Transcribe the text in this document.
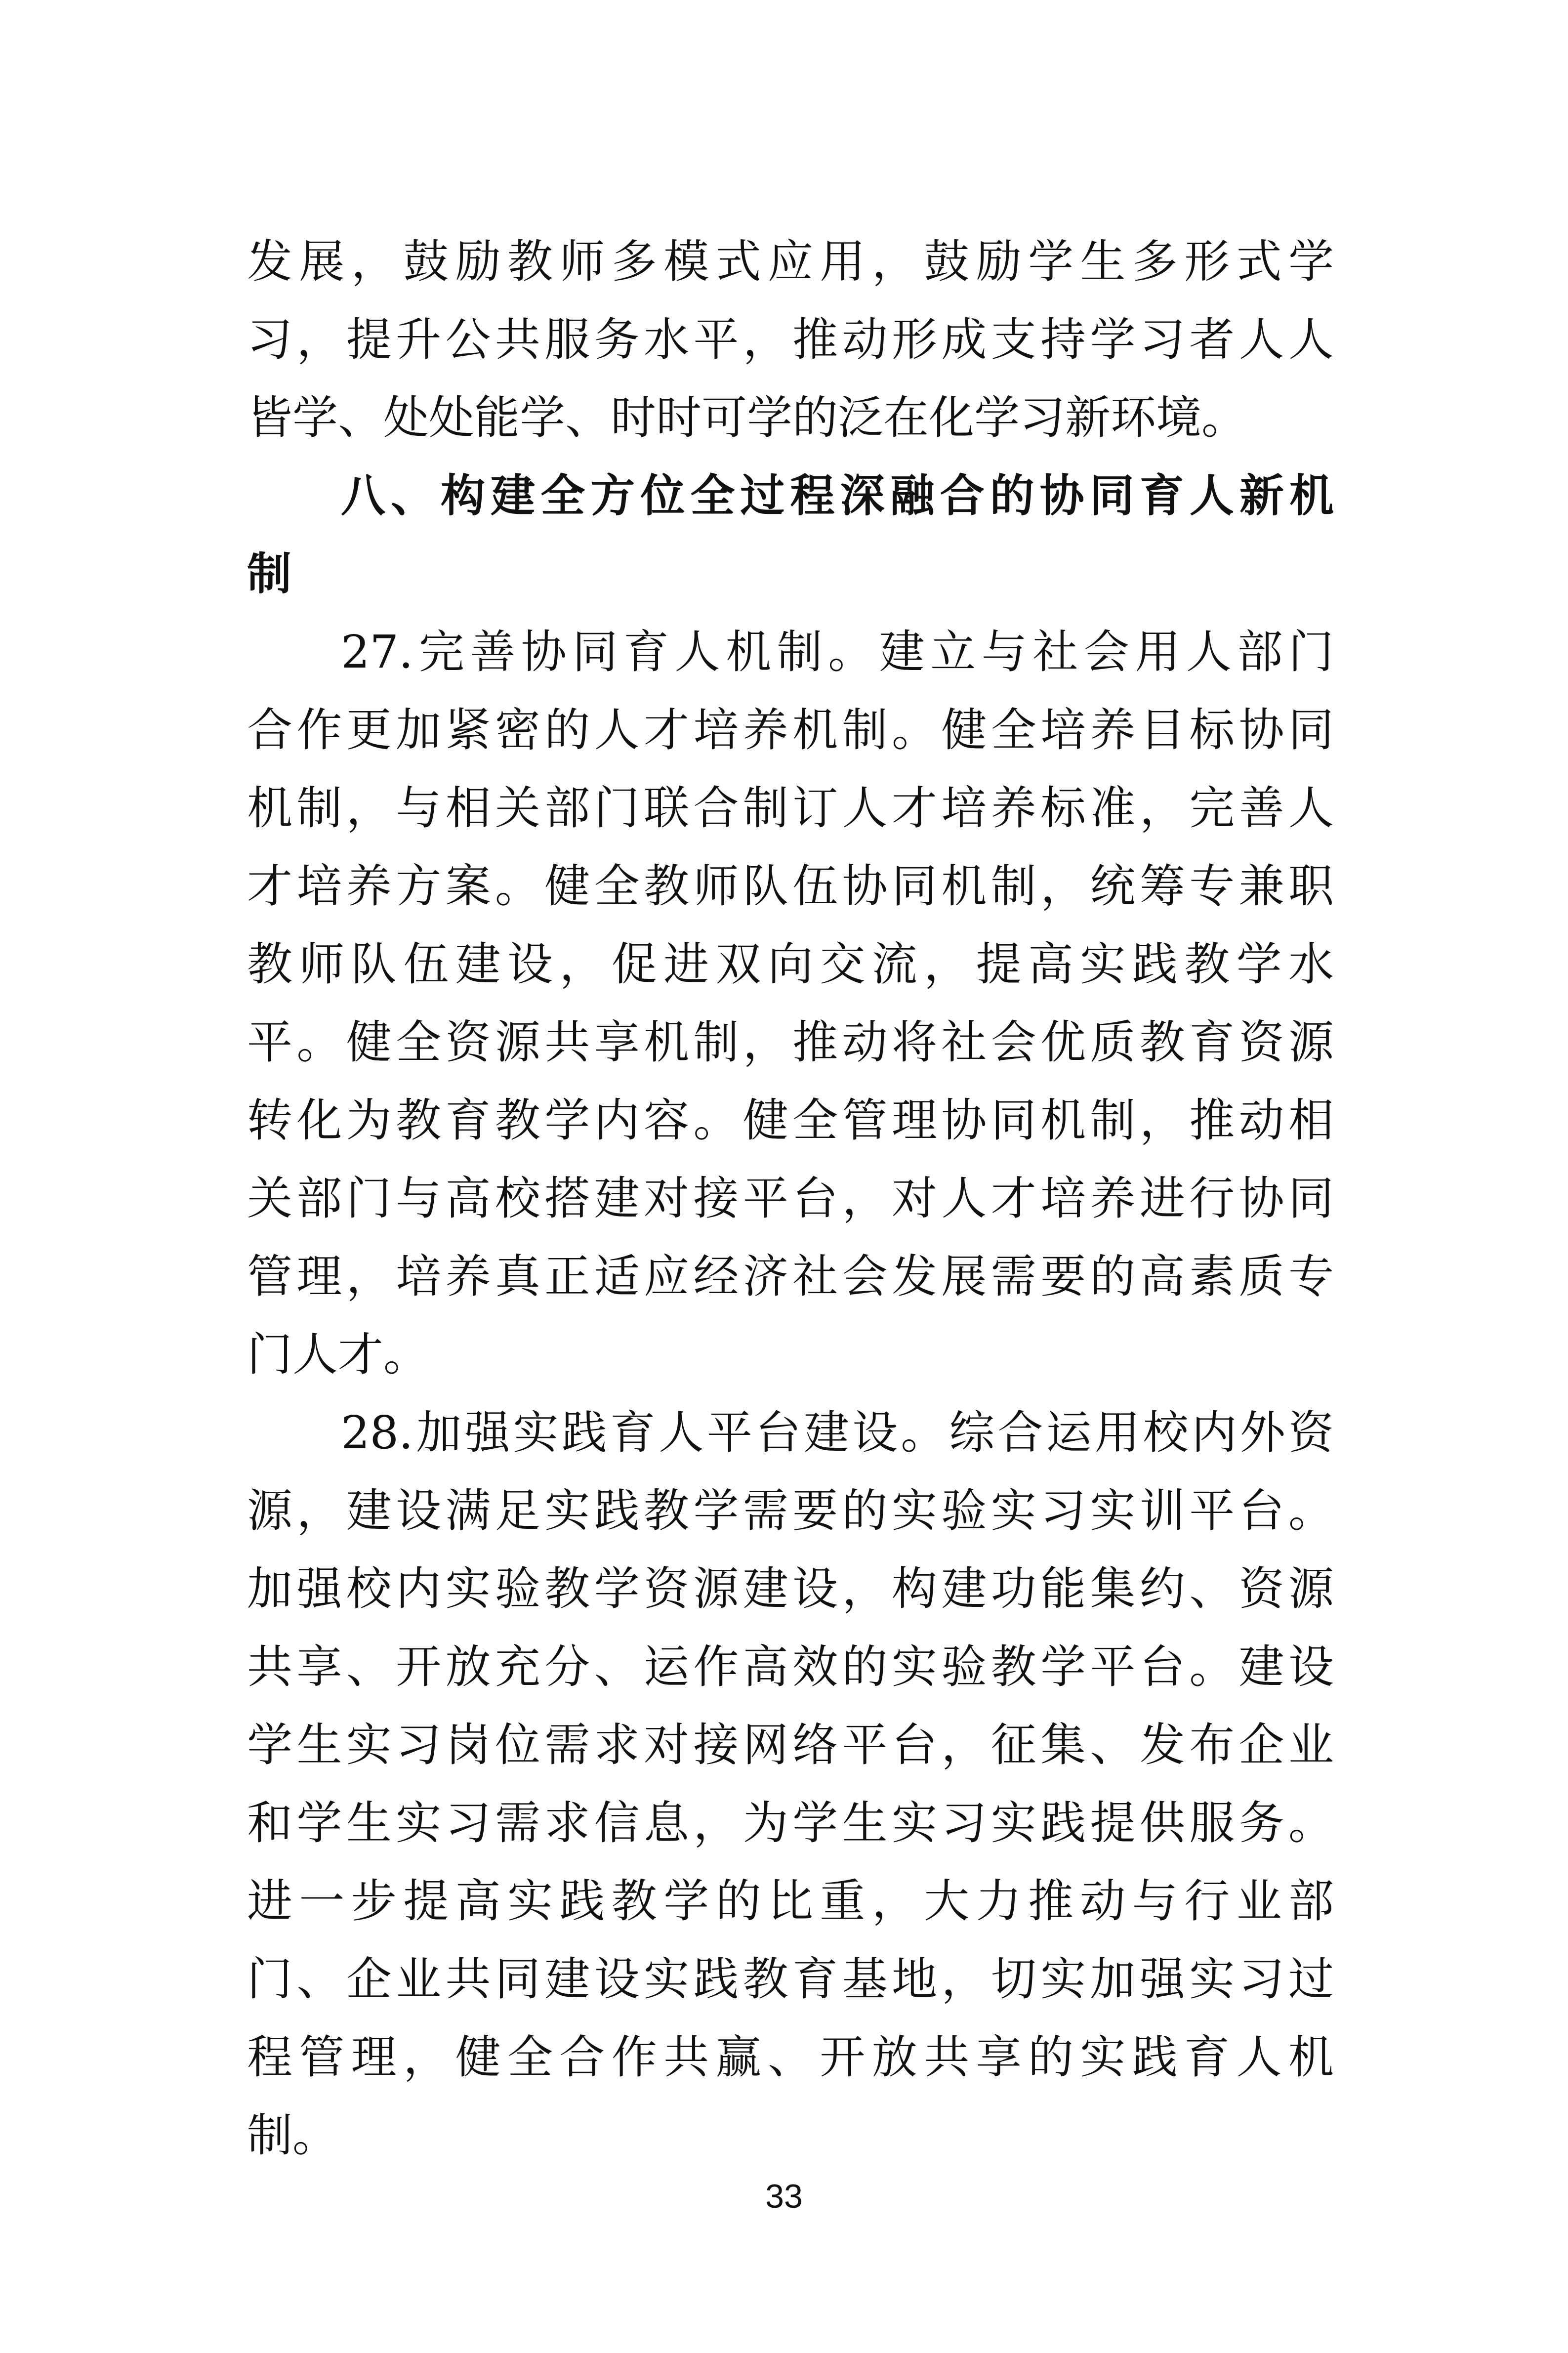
发展，鼓励教师多模式应用，鼓励学生多形式学
习，提升公共服务水平，推动形成支持学习者人人
皆学、处处能学、时时可学的泛在化学习新环境。
八、构建全方位全过程深融合的协同育人新机
制
27.完善协同育人机制。建立与社会用人部门
合作更加紧密的人才培养机制。健全培养目标协同
机制，与相关部门联合制订人才培养标准，完善人
才培养方案。健全教师队伍协同机制，统筹专兼职
教师队伍建设，促进双向交流，提高实践教学水
平。健全资源共享机制，推动将社会优质教育资源
转化为教育教学内容。健全管理协同机制，推动相
关部门与高校搭建对接平台，对人才培养进行协同
管理，培养真正适应经济社会发展需要的高素质专
门人才。
28.加强实践育人平台建设。综合运用校内外资
源，建设满足实践教学需要的实验实习实训平台。
加强校内实验教学资源建设，构建功能集约、资源
共享、开放充分、运作高效的实验教学平台。建设
学生实习岗位需求对接网络平台，征集、发布企业
和学生实习需求信息，为学生实习实践提供服务。
进一步提高实践教学的比重，大力推动与行业部
门、企业共同建设实践教育基地，切实加强实习过
程管理，健全合作共赢、开放共享的实践育人机
制。
33
